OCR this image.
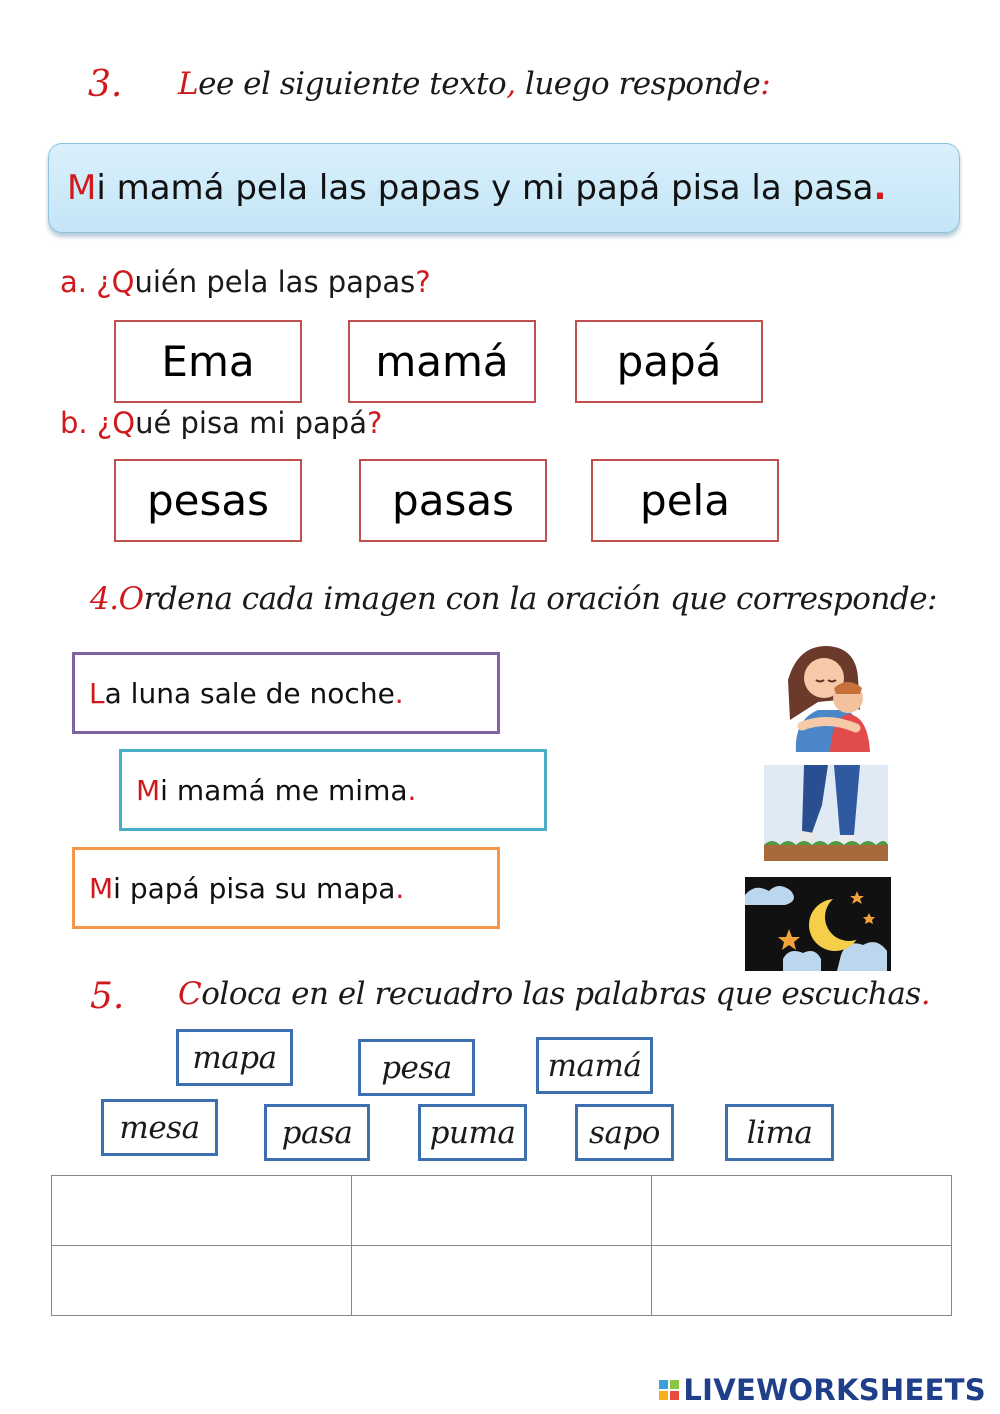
3. Lee el siguiente texto, luego responde:
M i mamá pela las papas y mi papá pisa la pasa .
a. ¿Quién pela las papas?
Ema	mamá	papá
b. ¿Qué pisa mi papá?
pesas	pasas	pela
4.Ordena cada imagen con la oración que corresponde:
L a luna sale de noche .
M i mamá me mima .
M i papá pisa su mapa .
5. Coloca en el recuadro las palabras que escuchas.
mapa	pesa	mamá
mesa	pasa	puma	sapo	lima

LIVEWORKSHEETS
